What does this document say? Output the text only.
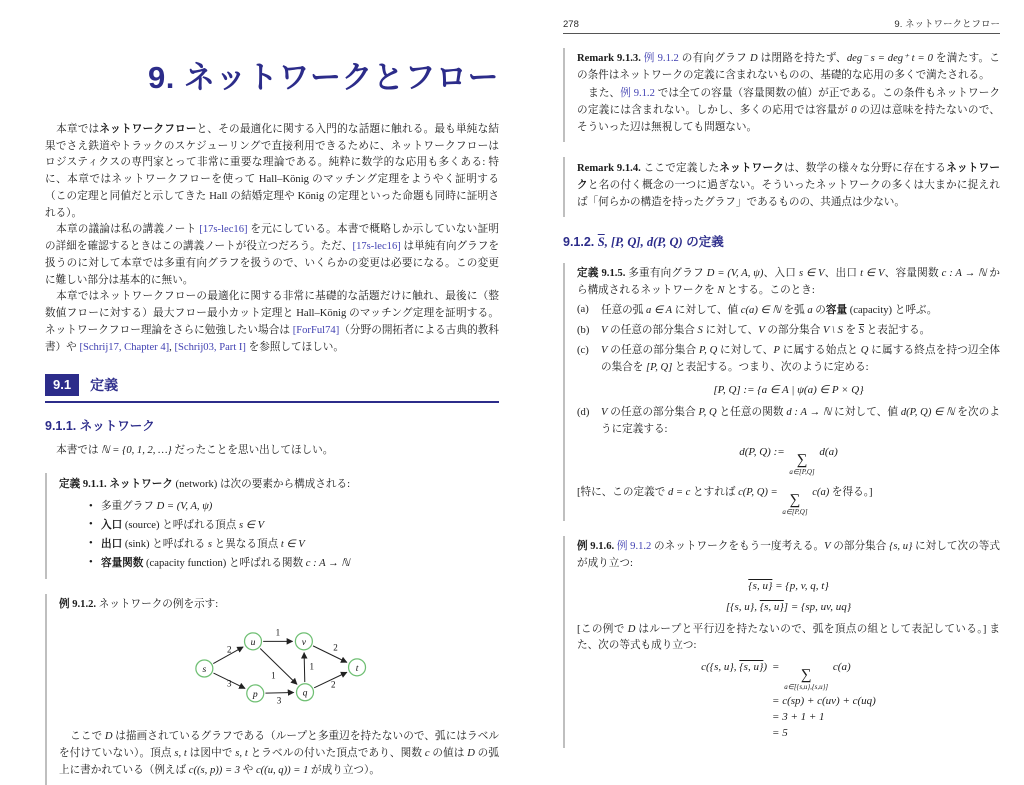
9. ネットワークとフロー

本章ではネットワークフローと、その最適化に関する入門的な話題に触れる。最も単純な結果でさえ鉄道やトラックのスケジューリングで直接利用できるために、ネットワークフローはロジスティクスの専門家とって非常に重要な理論である。純粋に数学的な応用も多くある: 特に、本章ではネットワークフローを使って Hall–König のマッチング定理をようやく証明する（この定理と同値だと示してきた Hall の結婚定理や König の定理といった命題も同時に証明される）。

本章の議論は私の講義ノート [17s-lec16] を元にしている。本書で概略しか示していない証明の詳細を確認するときはこの講義ノートが役立つだろう。ただ、[17s-lec16] は単純有向グラフを扱うのに対して本章では多重有向グラフを扱うので、いくらかの変更は必要になる。この変更に難しい部分は基本的に無い。

本章ではネットワークフローの最適化に関する非常に基礎的な話題だけに触れ、最後に（整数値フローに対する）最大フロー最小カット定理と Hall–König のマッチング定理を証明する。ネットワークフロー理論をさらに勉強したい場合は [ForFul74]（分野の開拓者による古典的教科書）や [Schrij17, Chapter 4], [Schrij03, Part I] を参照してほしい。

9.1	定義
9.1.1. ネットワーク

本書では ℕ = {0, 1, 2, …} だったことを思い出してほしい。

定義 9.1.1. ネットワーク (network) は次の要素から構成される:

• 多重グラフ D = (V, A, ψ)
• 入口 (source) と呼ばれる頂点 s ∈ V
• 出口 (sink) と呼ばれる s と異なる頂点 t ∈ V
• 容量関数 (capacity function) と呼ばれる関数 c : A → ℕ

例 9.1.2. ネットワークの例を示す:

2
3
1
1
3
1
2
2
s
u	v
p	q
t

ここで D は描画されているグラフである（ループと多重辺を持たないので、弧にはラベルを付けていない）。頂点 s, t は図中で s, t とラベルの付いた頂点であり、関数 c の値は D の弧上に書かれている（例えば c((s, p)) = 3 や c((u, q)) = 1 が成り立つ）。

278	9. ネットワークとフロー

Remark 9.1.3. 例 9.1.2 の有向グラフ D は閉路を持たず、deg⁻ s = deg⁺ t = 0 を満たす。この条件はネットワークの定義に含まれないものの、基礎的な応用の多くで満たされる。

また、例 9.1.2 では全ての容量（容量関数の値）が正である。この条件もネットワークの定義には含まれない。しかし、多くの応用では容量が 0 の辺は意味を持たないので、そういった辺は無視しても問題ない。

Remark 9.1.4. ここで定義したネットワークは、数学の様々な分野に存在するネットワークと名の付く概念の一つに過ぎない。そういったネットワークの多くは大まかに捉えれば「何らかの構造を持ったグラフ」であるものの、共通点は少ない。

9.1.2. S, [P, Q], d(P, Q) の定義

定義 9.1.5. 多重有向グラフ D = (V, A, ψ)、入口 s ∈ V、出口 t ∈ V、容量関数 c : A → ℕ から構成されるネットワークを N とする。このとき:

(a)	任意の弧 a ∈ A に対して、値 c(a) ∈ ℕ を弧 a の容量 (capacity) と呼ぶ。
(b)	V の任意の部分集合 S に対して、V の部分集合 V \ S を $\overline{S}$ と表記する。
(c)	V の任意の部分集合 P, Q に対して、P に属する始点と Q に属する終点を持つ辺全体の集合を [P, Q] と表記する。つまり、次のように定める:
[P, Q] := {a ∈ A | ψ(a) ∈ P × Q}
(d)	V の任意の部分集合 P, Q と任意の関数 d : A → ℕ に対して、値 d(P, Q) ∈ ℕ を次のように定義する:
d(P, Q) :=
∑
a∈[P,Q]
d(a)

[特に、この定義で d = c とすれば c(P, Q) = ∑
a∈[P,Q]
c(a) を得る。]

例 9.1.6. 例 9.1.2 のネットワークをもう一度考える。V の部分集合 {s, u} に対して次の等式が成り立つ:

{s, u} = {p, v, q, t}
[{s, u}, {s, u}] = {sp, uv, uq}

[この例で D はループと平行辺を持たないので、弧を頂点の組として表記している。] また、次の等式も成り立つ:

c({s, u}, {s, u}) =
∑
a∈[{s,u},{s,u}]
c(a)
= c(sp) + c(uv) + c(uq)
= 3 + 1 + 1
= 5
